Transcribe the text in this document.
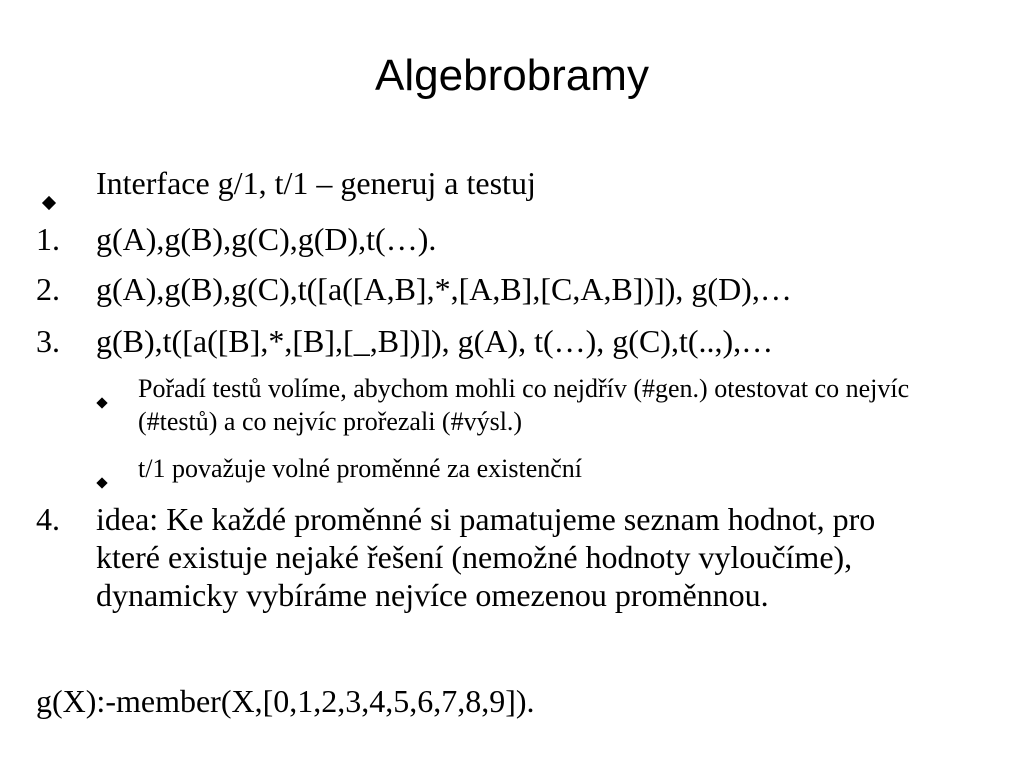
Algebrobramy
Interface g/1, t/1 – generuj a testuj
1. g(A),g(B),g(C),g(D),t(…).
2. g(A),g(B),g(C),t([a([A,B],*,[A,B],[C,A,B])]), g(D),…
3. g(B),t([a([B],*,[B],[_,B])]), g(A), t(…), g(C),t(..,),…
Pořadí testů volíme, abychom mohli co nejdřív (#gen.) otestovat co nejvíc (#testů) a co nejvíc prořezali (#výsl.)
t/1 považuje volné proměnné za existenční
4. idea: Ke každé proměnné si pamatujeme seznam hodnot, pro které existuje nejaké řešení (nemožné hodnoty vyloučíme), dynamicky vybíráme nejvíce omezenou proměnnou.
g(X):-member(X,[0,1,2,3,4,5,6,7,8,9]).
